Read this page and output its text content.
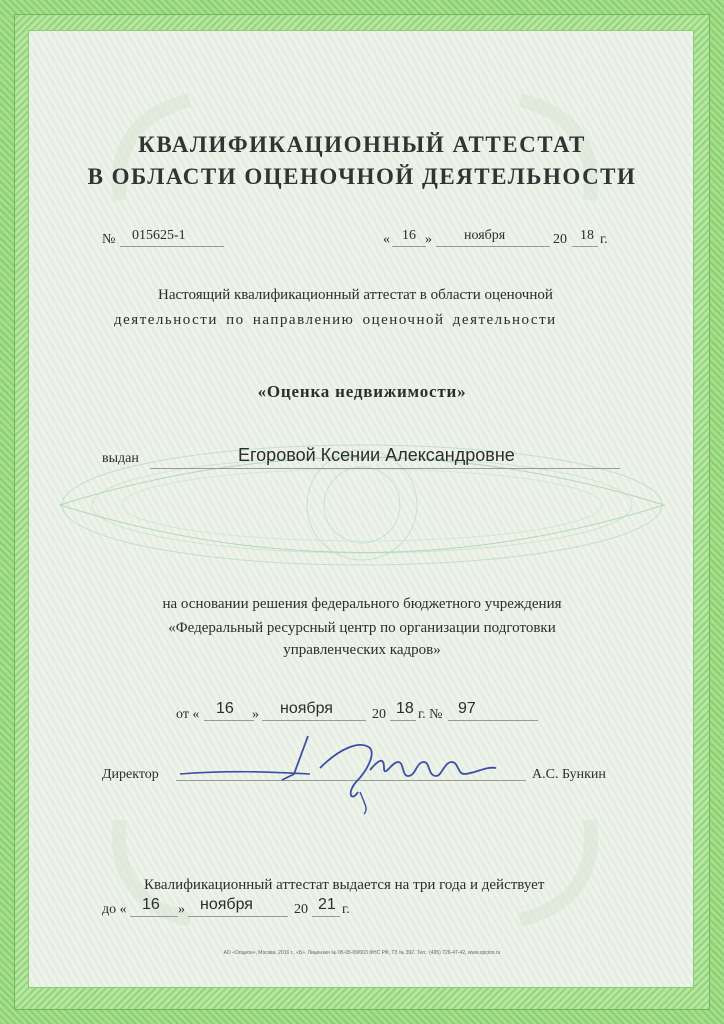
КВАЛИФИКАЦИОННЫЙ АТТЕСТАТ
В ОБЛАСТИ ОЦЕНОЧНОЙ ДЕЯТЕЛЬНОСТИ
№ 015625-1	« 16 » ноября	20 18 г.
Настоящий квалификационный аттестат в области оценочной
деятельности по направлению оценочной деятельности
«Оценка недвижимости»
выдан	Егоровой Ксении Александровне
на основании решения федерального бюджетного учреждения
«Федеральный ресурсный центр по организации подготовки
управленческих кадров»
от « 16 » ноября	20 18 г. № 97
Директор	А.С. Бункин
Квалификационный аттестат выдается на три года и действует
до « 16 » ноября	20 21 г.
АО «Опцион», Москва, 2016 г., «Б». Лицензия № 05-05-09/003 ФНС РФ, ТЗ № 392. Тел.: (495) 726-47-42, www.opcion.ru
